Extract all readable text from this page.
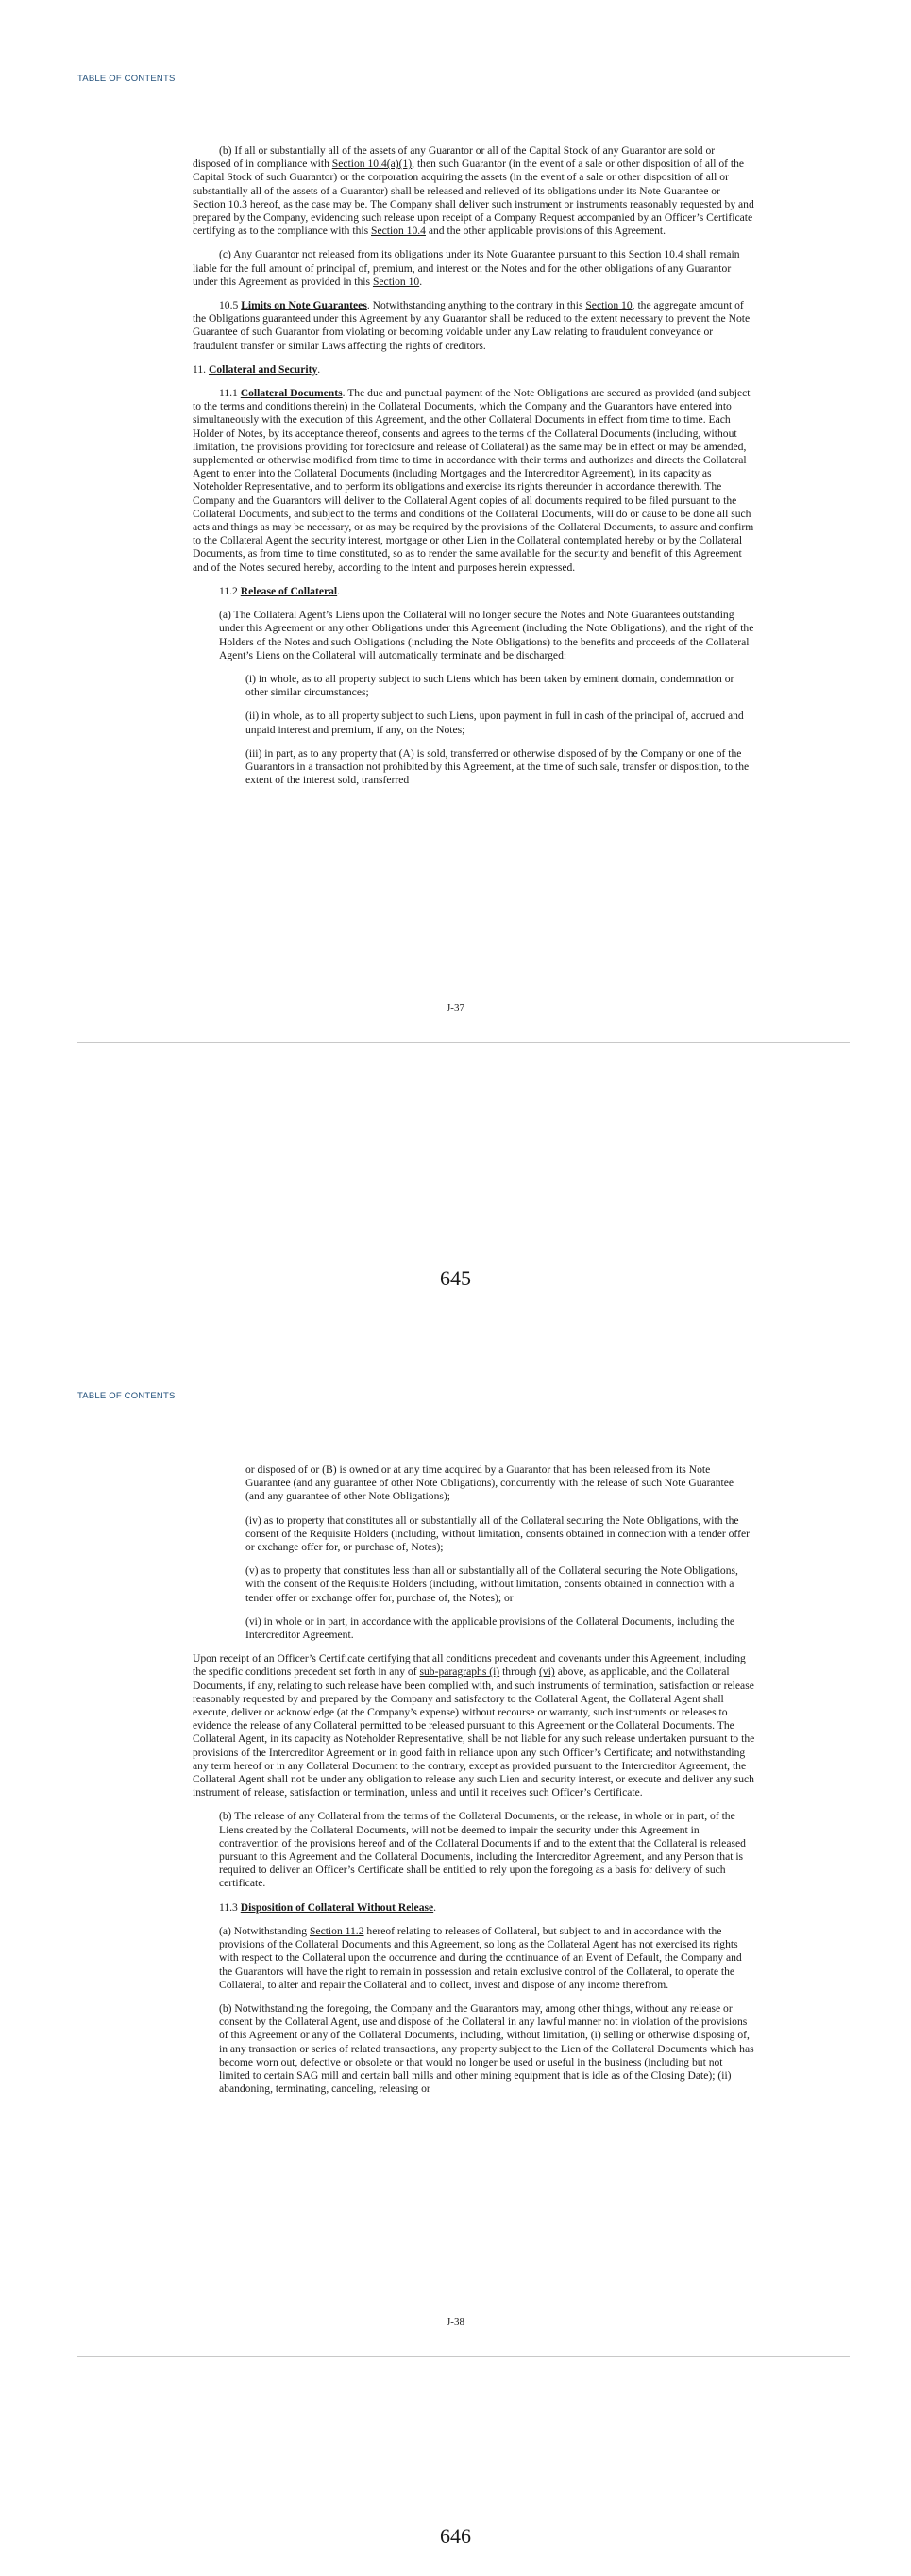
TABLE OF CONTENTS

(b) If all or substantially all of the assets of any Guarantor or all of the Capital Stock of any Guarantor are sold or disposed of in compliance with Section 10.4(a)(1), then such Guarantor (in the event of a sale or other disposition of all of the Capital Stock of such Guarantor) or the corporation acquiring the assets (in the event of a sale or other disposition of all or substantially all of the assets of a Guarantor) shall be released and relieved of its obligations under its Note Guarantee or Section 10.3 hereof, as the case may be. The Company shall deliver such instrument or instruments reasonably requested by and prepared by the Company, evidencing such release upon receipt of a Company Request accompanied by an Officer’s Certificate certifying as to the compliance with this Section 10.4 and the other applicable provisions of this Agreement.

(c) Any Guarantor not released from its obligations under its Note Guarantee pursuant to this Section 10.4 shall remain liable for the full amount of principal of, premium, and interest on the Notes and for the other obligations of any Guarantor under this Agreement as provided in this Section 10.

10.5 Limits on Note Guarantees. Notwithstanding anything to the contrary in this Section 10, the aggregate amount of the Obligations guaranteed under this Agreement by any Guarantor shall be reduced to the extent necessary to prevent the Note Guarantee of such Guarantor from violating or becoming voidable under any Law relating to fraudulent conveyance or fraudulent transfer or similar Laws affecting the rights of creditors.

11. Collateral and Security.

11.1 Collateral Documents. The due and punctual payment of the Note Obligations are secured as provided (and subject to the terms and conditions therein) in the Collateral Documents, which the Company and the Guarantors have entered into simultaneously with the execution of this Agreement, and the other Collateral Documents in effect from time to time. Each Holder of Notes, by its acceptance thereof, consents and agrees to the terms of the Collateral Documents (including, without limitation, the provisions providing for foreclosure and release of Collateral) as the same may be in effect or may be amended, supplemented or otherwise modified from time to time in accordance with their terms and authorizes and directs the Collateral Agent to enter into the Collateral Documents (including Mortgages and the Intercreditor Agreement), in its capacity as Noteholder Representative, and to perform its obligations and exercise its rights thereunder in accordance therewith. The Company and the Guarantors will deliver to the Collateral Agent copies of all documents required to be filed pursuant to the Collateral Documents, and subject to the terms and conditions of the Collateral Documents, will do or cause to be done all such acts and things as may be necessary, or as may be required by the provisions of the Collateral Documents, to assure and confirm to the Collateral Agent the security interest, mortgage or other Lien in the Collateral contemplated hereby or by the Collateral Documents, as from time to time constituted, so as to render the same available for the security and benefit of this Agreement and of the Notes secured hereby, according to the intent and purposes herein expressed.

11.2 Release of Collateral.

(a) The Collateral Agent’s Liens upon the Collateral will no longer secure the Notes and Note Guarantees outstanding under this Agreement or any other Obligations under this Agreement (including the Note Obligations), and the right of the Holders of the Notes and such Obligations (including the Note Obligations) to the benefits and proceeds of the Collateral Agent’s Liens on the Collateral will automatically terminate and be discharged:

(i) in whole, as to all property subject to such Liens which has been taken by eminent domain, condemnation or other similar circumstances;

(ii) in whole, as to all property subject to such Liens, upon payment in full in cash of the principal of, accrued and unpaid interest and premium, if any, on the Notes;

(iii) in part, as to any property that (A) is sold, transferred or otherwise disposed of by the Company or one of the Guarantors in a transaction not prohibited by this Agreement, at the time of such sale, transfer or disposition, to the extent of the interest sold, transferred

J-37
645
TABLE OF CONTENTS

or disposed of or (B) is owned or at any time acquired by a Guarantor that has been released from its Note Guarantee (and any guarantee of other Note Obligations), concurrently with the release of such Note Guarantee (and any guarantee of other Note Obligations);

(iv) as to property that constitutes all or substantially all of the Collateral securing the Note Obligations, with the consent of the Requisite Holders (including, without limitation, consents obtained in connection with a tender offer or exchange offer for, or purchase of, Notes);

(v) as to property that constitutes less than all or substantially all of the Collateral securing the Note Obligations, with the consent of the Requisite Holders (including, without limitation, consents obtained in connection with a tender offer or exchange offer for, purchase of, the Notes); or

(vi) in whole or in part, in accordance with the applicable provisions of the Collateral Documents, including the Intercreditor Agreement.

Upon receipt of an Officer’s Certificate certifying that all conditions precedent and covenants under this Agreement, including the specific conditions precedent set forth in any of sub-paragraphs (i) through (vi) above, as applicable, and the Collateral Documents, if any, relating to such release have been complied with, and such instruments of termination, satisfaction or release reasonably requested by and prepared by the Company and satisfactory to the Collateral Agent, the Collateral Agent shall execute, deliver or acknowledge (at the Company’s expense) without recourse or warranty, such instruments or releases to evidence the release of any Collateral permitted to be released pursuant to this Agreement or the Collateral Documents. The Collateral Agent, in its capacity as Noteholder Representative, shall be not liable for any such release undertaken pursuant to the provisions of the Intercreditor Agreement or in good faith in reliance upon any such Officer’s Certificate; and notwithstanding any term hereof or in any Collateral Document to the contrary, except as provided pursuant to the Intercreditor Agreement, the Collateral Agent shall not be under any obligation to release any such Lien and security interest, or execute and deliver any such instrument of release, satisfaction or termination, unless and until it receives such Officer’s Certificate.

(b) The release of any Collateral from the terms of the Collateral Documents, or the release, in whole or in part, of the Liens created by the Collateral Documents, will not be deemed to impair the security under this Agreement in contravention of the provisions hereof and of the Collateral Documents if and to the extent that the Collateral is released pursuant to this Agreement and the Collateral Documents, including the Intercreditor Agreement, and any Person that is required to deliver an Officer’s Certificate shall be entitled to rely upon the foregoing as a basis for delivery of such certificate.

11.3 Disposition of Collateral Without Release.

(a) Notwithstanding Section 11.2 hereof relating to releases of Collateral, but subject to and in accordance with the provisions of the Collateral Documents and this Agreement, so long as the Collateral Agent has not exercised its rights with respect to the Collateral upon the occurrence and during the continuance of an Event of Default, the Company and the Guarantors will have the right to remain in possession and retain exclusive control of the Collateral, to operate the Collateral, to alter and repair the Collateral and to collect, invest and dispose of any income therefrom.

(b) Notwithstanding the foregoing, the Company and the Guarantors may, among other things, without any release or consent by the Collateral Agent, use and dispose of the Collateral in any lawful manner not in violation of the provisions of this Agreement or any of the Collateral Documents, including, without limitation, (i) selling or otherwise disposing of, in any transaction or series of related transactions, any property subject to the Lien of the Collateral Documents which has become worn out, defective or obsolete or that would no longer be used or useful in the business (including but not limited to certain SAG mill and certain ball mills and other mining equipment that is idle as of the Closing Date); (ii) abandoning, terminating, canceling, releasing or

J-38
646
